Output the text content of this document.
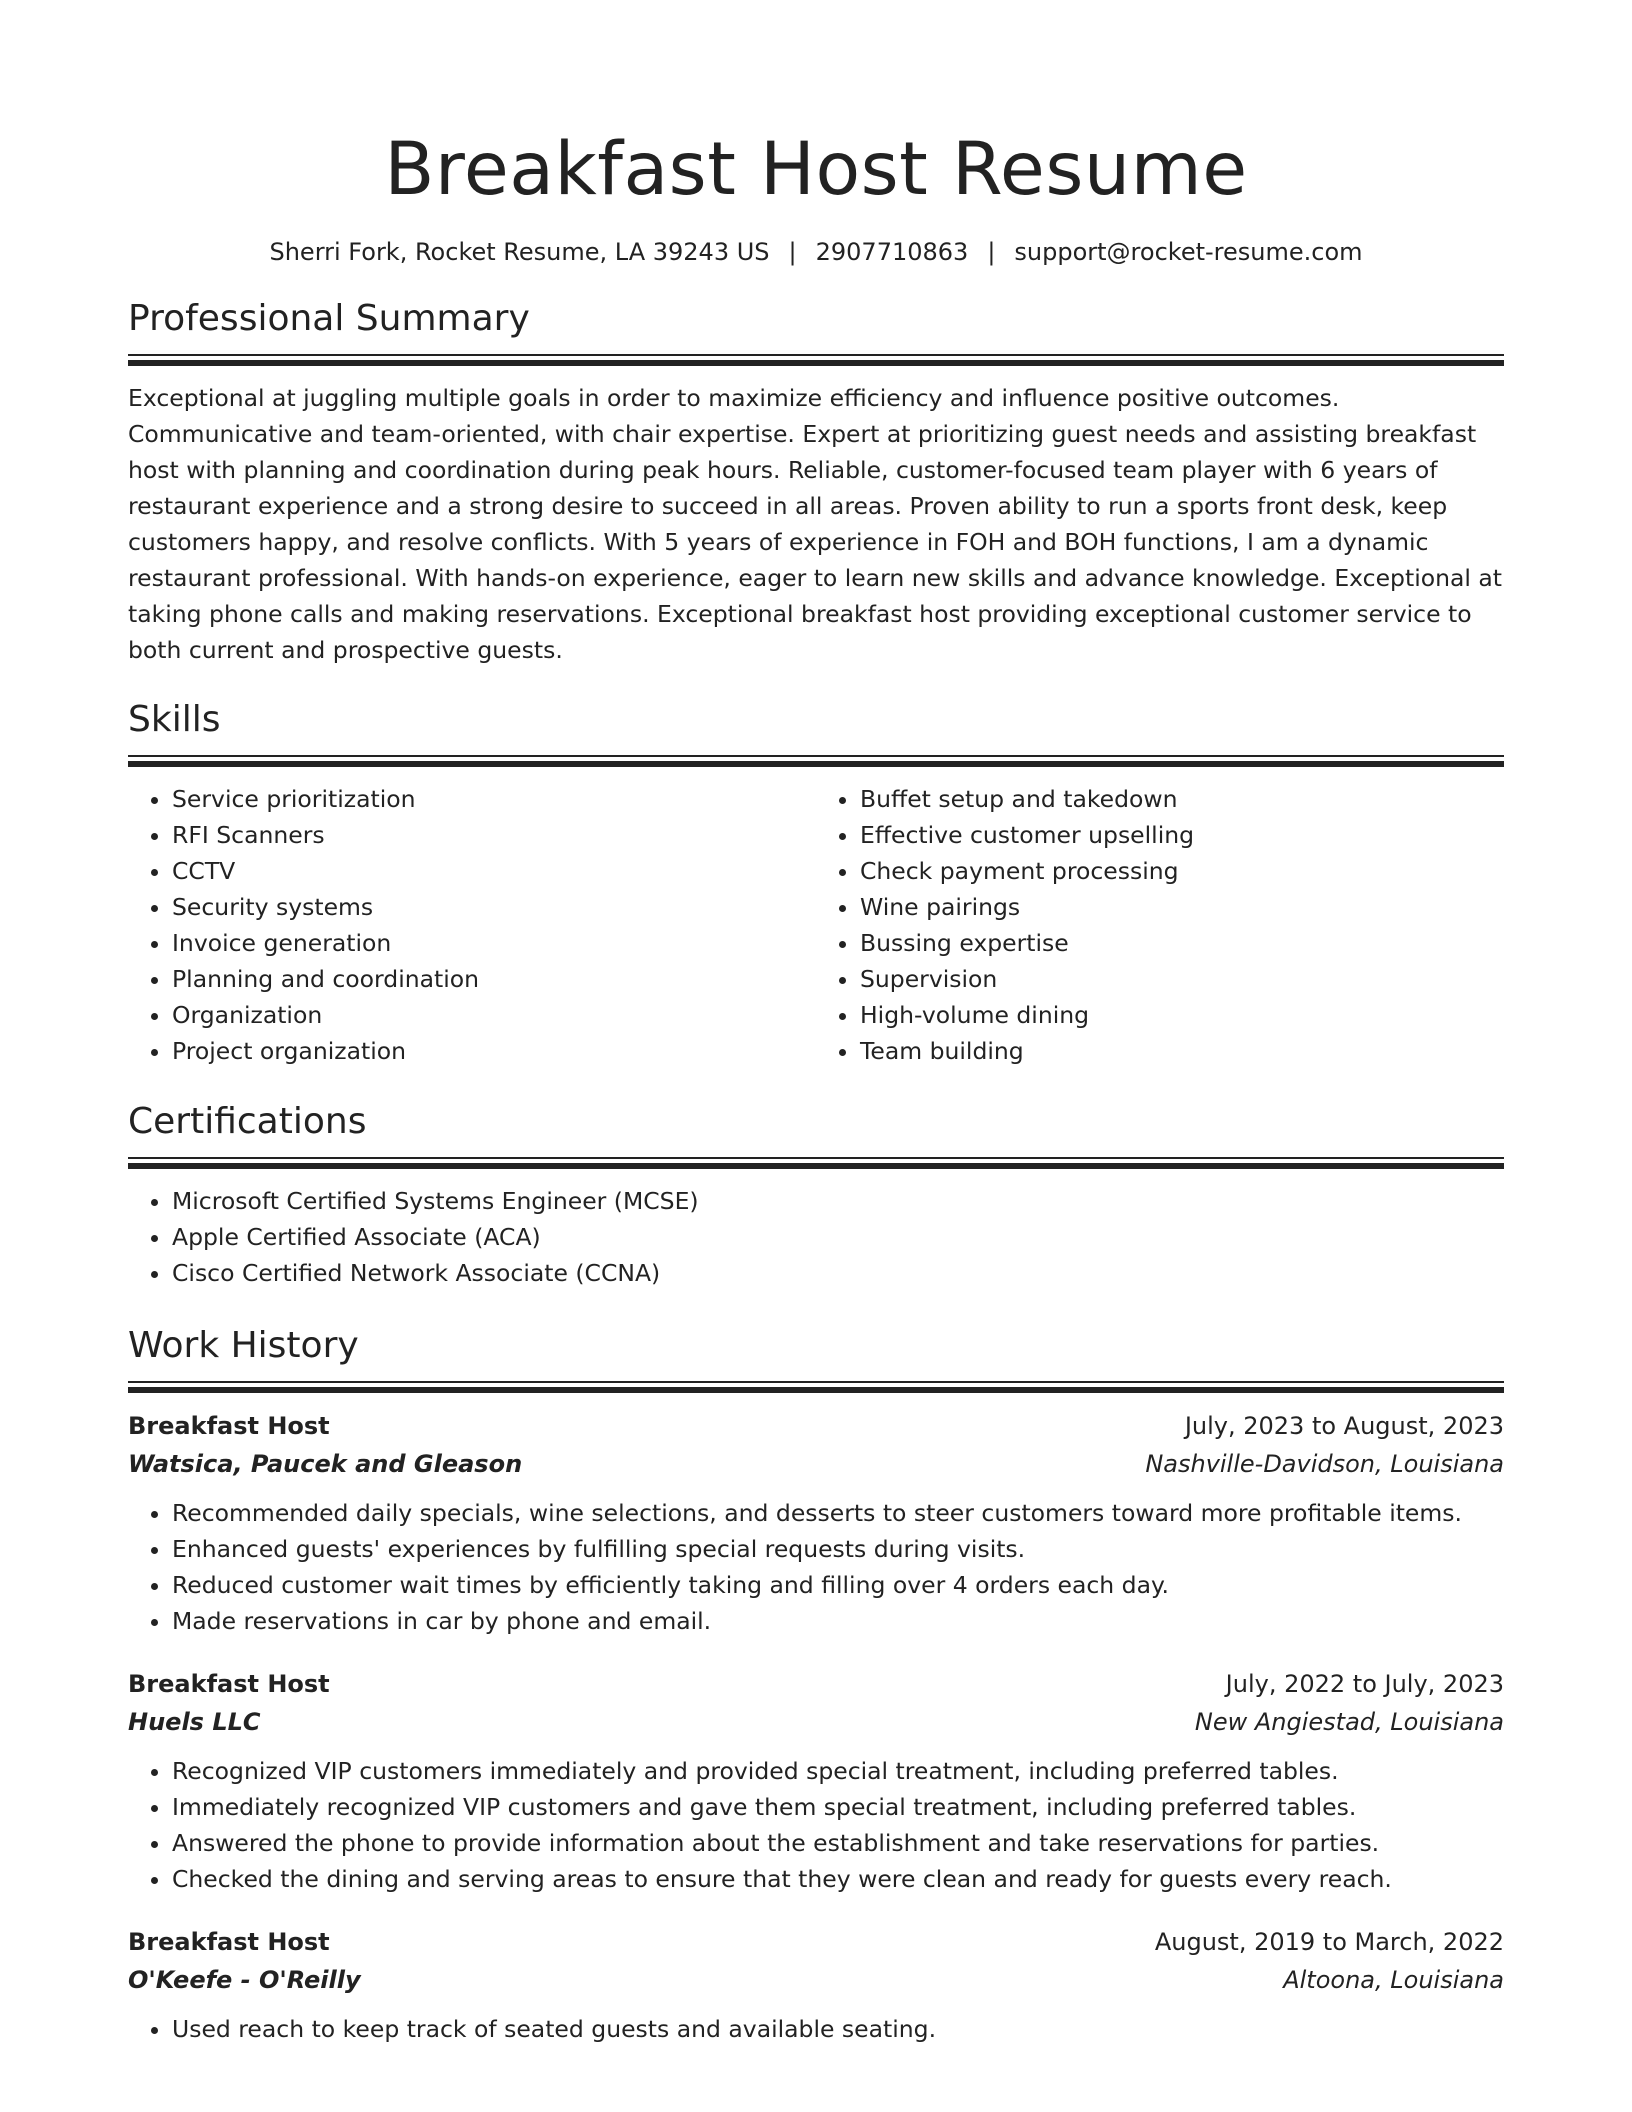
Breakfast Host Resume
Sherri Fork, Rocket Resume, LA 39243 US | 2907710863 | support@rocket-resume.com
Professional Summary
Exceptional at juggling multiple goals in order to maximize efficiency and influence positive outcomes. Communicative and team-oriented, with chair expertise. Expert at prioritizing guest needs and assisting breakfast host with planning and coordination during peak hours. Reliable, customer-focused team player with 6 years of restaurant experience and a strong desire to succeed in all areas. Proven ability to run a sports front desk, keep customers happy, and resolve conflicts. With 5 years of experience in FOH and BOH functions, I am a dynamic restaurant professional. With hands-on experience, eager to learn new skills and advance knowledge. Exceptional at taking phone calls and making reservations. Exceptional breakfast host providing exceptional customer service to both current and prospective guests.
Skills
• Service prioritization
• RFI Scanners
• CCTV
• Security systems
• Invoice generation
• Planning and coordination
• Organization
• Project organization
• Buffet setup and takedown
• Effective customer upselling
• Check payment processing
• Wine pairings
• Bussing expertise
• Supervision
• High-volume dining
• Team building
Certifications
• Microsoft Certified Systems Engineer (MCSE)
• Apple Certified Associate (ACA)
• Cisco Certified Network Associate (CCNA)
Work History
Breakfast Host	July, 2023 to August, 2023
Watsica, Paucek and Gleason	Nashville-Davidson, Louisiana
• Recommended daily specials, wine selections, and desserts to steer customers toward more profitable items.
• Enhanced guests' experiences by fulfilling special requests during visits.
• Reduced customer wait times by efficiently taking and filling over 4 orders each day.
• Made reservations in car by phone and email.
Breakfast Host	July, 2022 to July, 2023
Huels LLC	New Angiestad, Louisiana
• Recognized VIP customers immediately and provided special treatment, including preferred tables.
• Immediately recognized VIP customers and gave them special treatment, including preferred tables.
• Answered the phone to provide information about the establishment and take reservations for parties.
• Checked the dining and serving areas to ensure that they were clean and ready for guests every reach.
Breakfast Host	August, 2019 to March, 2022
O'Keefe - O'Reilly	Altoona, Louisiana
• Used reach to keep track of seated guests and available seating.
